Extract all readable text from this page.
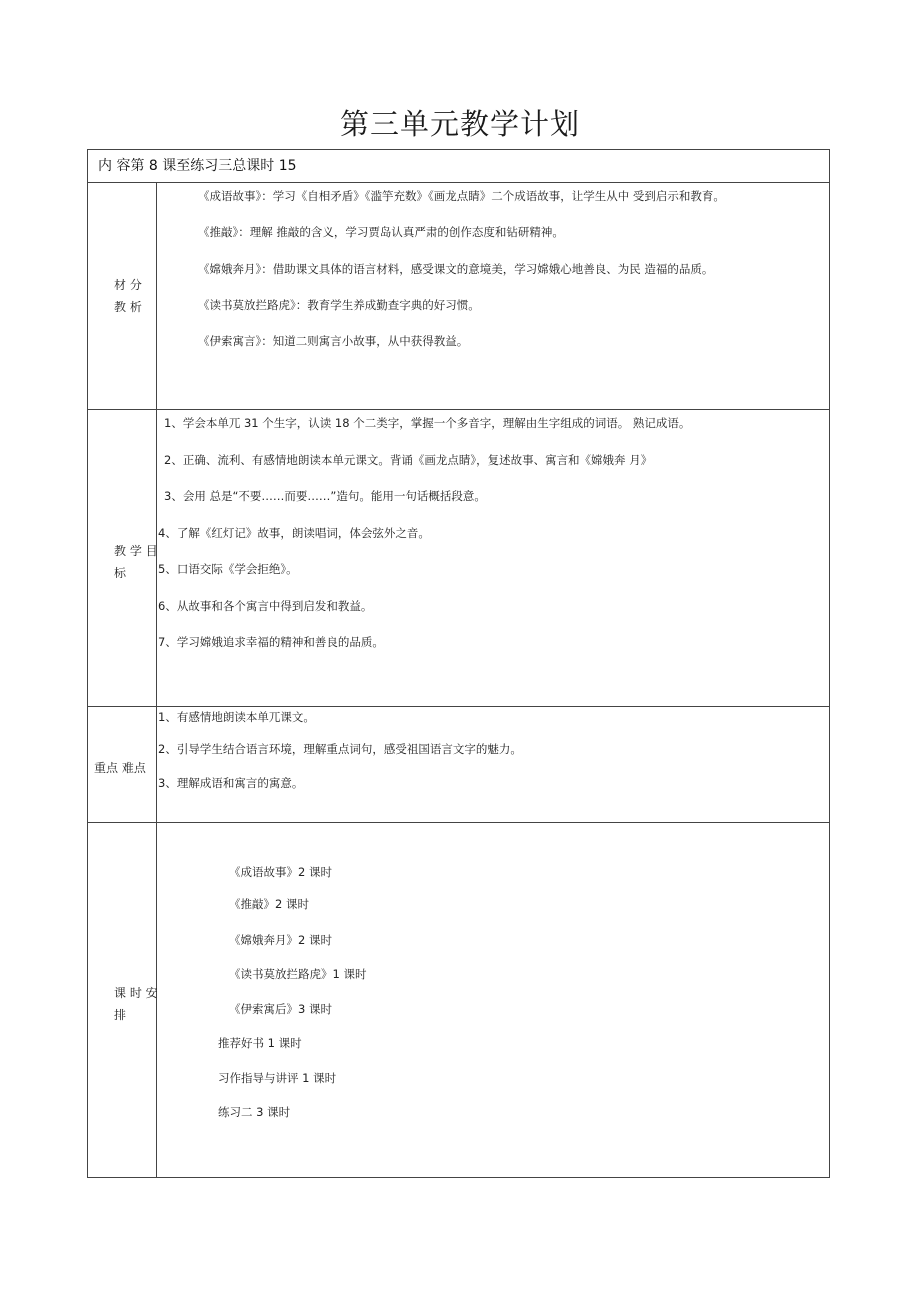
第三单元教学计划
内 容第 8 课至练习三总课时 15
材 分
教 析
《成语故事》：学习《自相矛盾》《滥竽充数》《画龙点睛》二个成语故事，让学生从中 受到启示和教育。
《推敲》：理解 推敲的含义，学习贾岛认真严肃的创作态度和钻研精神。
《嫦娥奔月》：借助课文具体的语言材料，感受课文的意境美，学习嫦娥心地善良、为民 造福的品质。
《读书莫放拦路虎》：教育学生养成勤查字典的好习惯。
《伊索寓言》：知道二则寓言小故事，从中获得教益。
教 学 目
标
1、学会本单兀 31 个生字，认读 18 个二类字，掌握一个多音字，理解由生字组成的词语。 熟记成语。
2、正确、流利、有感情地朗读本单元课文。背诵《画龙点睛》，复述故事、寓言和《嫦娥奔 月》
3、会用 总是“不要……而要……”造句。能用一句话概括段意。
4、了解《红灯记》故事，朗读唱词，体会弦外之音。
5、口语交际《学会拒绝》。
6、从故事和各个寓言中得到启发和教益。
7、学习嫦娥追求幸福的精神和善良的品质。
重点 难点
1、有感情地朗读本单兀课文。
2、引导学生结合语言环境，理解重点词句，感受祖国语言文字的魅力。
3、理解成语和寓言的寓意。
课 时 安
排
《成语故事》2 课时
《推敲》2 课时
《嫦娥奔月》2 课时
《读书莫放拦路虎》1 课时
《伊索寓后》3 课时
推荐好书 1 课时
习作指导与讲评 1 课时
练习二 3 课时
